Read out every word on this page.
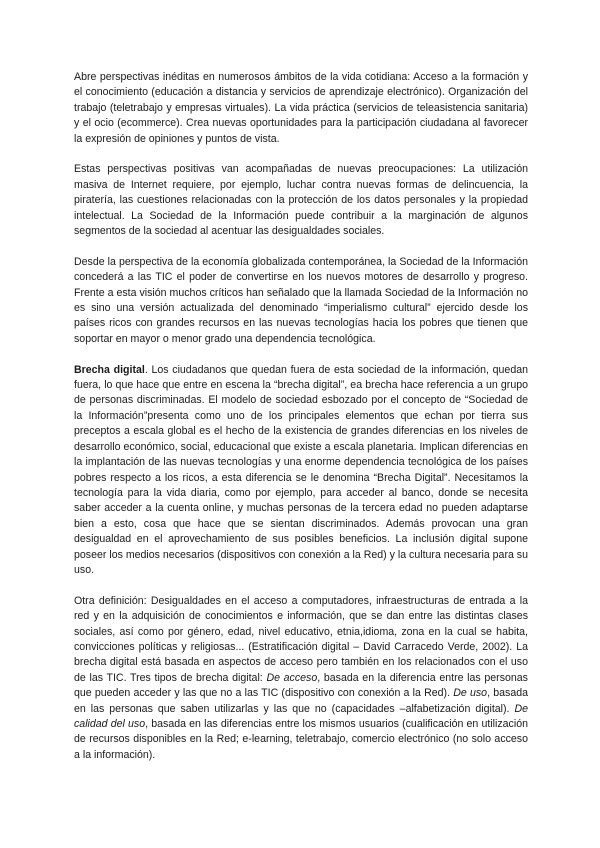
Abre perspectivas inéditas en numerosos ámbitos de la vida cotidiana: Acceso a la formación y el conocimiento (educación a distancia y servicios de aprendizaje electrónico). Organización del trabajo (teletrabajo y empresas virtuales). La vida práctica (servicios de teleasistencia sanitaria) y el ocio (ecommerce). Crea nuevas oportunidades para la participación ciudadana al favorecer la expresión de opiniones y puntos de vista.

Estas perspectivas positivas van acompañadas de nuevas preocupaciones: La utilización masiva de Internet requiere, por ejemplo, luchar contra nuevas formas de delincuencia, la piratería, las cuestiones relacionadas con la protección de los datos personales y la propiedad intelectual. La Sociedad de la Información puede contribuir a la marginación de algunos segmentos de la sociedad al acentuar las desigualdades sociales.

Desde la perspectiva de la economía globalizada contemporánea, la Sociedad de la Información concederá a las TIC el poder de convertirse en los nuevos motores de desarrollo y progreso. Frente a esta visión muchos críticos han señalado que la llamada Sociedad de la Información no es sino una versión actualizada del denominado “imperialismo cultural” ejercido desde los países ricos con grandes recursos en las nuevas tecnologías hacia los pobres que tienen que soportar en mayor o menor grado una dependencia tecnológica.

Brecha digital. Los ciudadanos que quedan fuera de esta sociedad de la información, quedan fuera, lo que hace que entre en escena la “brecha digital”, ea brecha hace referencia a un grupo de personas discriminadas. El modelo de sociedad esbozado por el concepto de “Sociedad de la Información”presenta como uno de los principales elementos que echan por tierra sus preceptos a escala global es el hecho de la existencia de grandes diferencias en los niveles de desarrollo económico, social, educacional que existe a escala planetaria. Implican diferencias en la implantación de las nuevas tecnologías y una enorme dependencia tecnológica de los países pobres respecto a los ricos, a esta diferencia se le denomina “Brecha Digital”. Necesitamos la tecnología para la vida diaria, como por ejemplo, para acceder al banco, donde se necesita saber acceder a la cuenta online, y muchas personas de la tercera edad no pueden adaptarse bien a esto, cosa que hace que se sientan discriminados. Además provocan una gran desigualdad en el aprovechamiento de sus posibles beneficios. La inclusión digital supone poseer los medios necesarios (dispositivos con conexión a la Red) y la cultura necesaria para su uso.

Otra definición: Desigualdades en el acceso a computadores, infraestructuras de entrada a la red y en la adquisición de conocimientos e información, que se dan entre las distintas clases sociales, así como por género, edad, nivel educativo, etnia,idioma, zona en la cual se habita, convicciones políticas y religiosas... (Estratificación digital – David Carracedo Verde, 2002). La brecha digital está basada en aspectos de acceso pero también en los relacionados con el uso de las TIC. Tres tipos de brecha digital: De acceso, basada en la diferencia entre las personas que pueden acceder y las que no a las TIC (dispositivo con conexión a la Red). De uso, basada en las personas que saben utilizarlas y las que no (capacidades –alfabetización digital). De calidad del uso, basada en las diferencias entre los mismos usuarios (cualificación en utilización de recursos disponibles en la Red; e-learning, teletrabajo, comercio electrónico (no solo acceso a la información).
